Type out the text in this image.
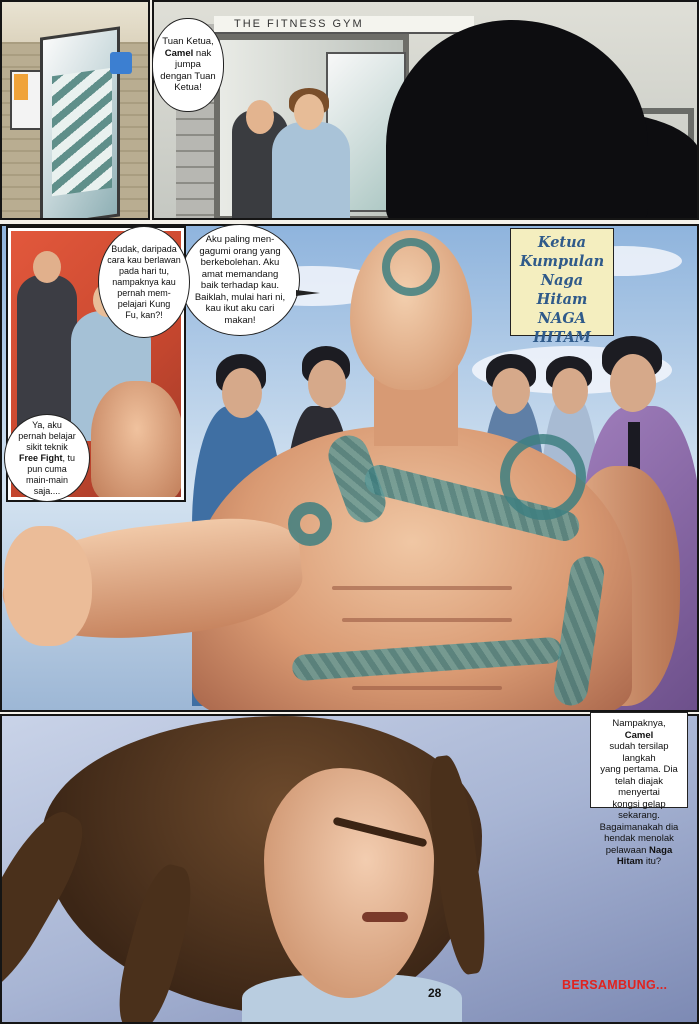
THE FITNESS GYM
Tuan Ketua,
Camel nak
jumpa
dengan Tuan
Ketua!
Ketua
Kumpulan
Naga Hitam
NAGA
HITAM
Aku paling men-
gagumi orang yang
berkebolehan. Aku
amat memandang
baik terhadap kau.
Baiklah, mulai hari ni,
kau ikut aku cari
makan!
Budak, daripada
cara kau berlawan
pada hari tu,
nampaknya kau
pernah mem-
pelajari Kung
Fu, kan?!
Ya, aku
pernah belajar
sikit teknik
Free Fight, tu
pun cuma
main-main
saja....
Nampaknya, Camel
sudah tersilap langkah
yang pertama. Dia
telah diajak menyertai
kongsi gelap sekarang.
Bagaimanakah dia
hendak menolak
pelawaan Naga
Hitam itu?
28
BERSAMBUNG...
